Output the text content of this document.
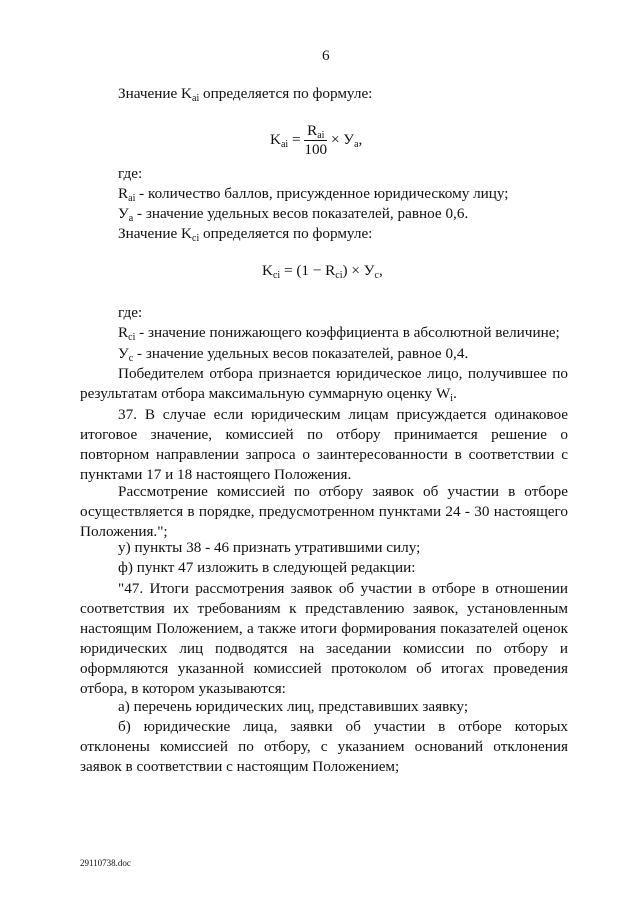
6
Значение $K_{ai}$ определяется по формуле:
$K_{ai} = \frac{R_{ai}}{100} \times У_a$,
где:
$R_{ai}$ - количество баллов, присужденное юридическому лицу;
$У_a$ - значение удельных весов показателей, равное 0,6.
Значение $K_{ci}$ определяется по формуле:
$K_{ci} = (1 - R_{ci}) \times У_c$,
где:
$R_{ci}$ - значение понижающего коэффициента в абсолютной величине;
$У_c$ - значение удельных весов показателей, равное 0,4.
Победителем отбора признается юридическое лицо, получившее по результатам отбора максимальную суммарную оценку $W_i$.
37. В случае если юридическим лицам присуждается одинаковое итоговое значение, комиссией по отбору принимается решение о повторном направлении запроса о заинтересованности в соответствии с пунктами 17 и 18 настоящего Положения.
Рассмотрение комиссией по отбору заявок об участии в отборе осуществляется в порядке, предусмотренном пунктами 24 - 30 настоящего Положения.";
у) пункты 38 - 46 признать утратившими силу;
ф) пункт 47 изложить в следующей редакции:
"47. Итоги рассмотрения заявок об участии в отборе в отношении соответствия их требованиям к представлению заявок, установленным настоящим Положением, а также итоги формирования показателей оценок юридических лиц подводятся на заседании комиссии по отбору и оформляются указанной комиссией протоколом об итогах проведения отбора, в котором указываются:
а) перечень юридических лиц, представивших заявку;
б) юридические лица, заявки об участии в отборе которых отклонены комиссией по отбору, с указанием оснований отклонения заявок в соответствии с настоящим Положением;
29110738.doc
